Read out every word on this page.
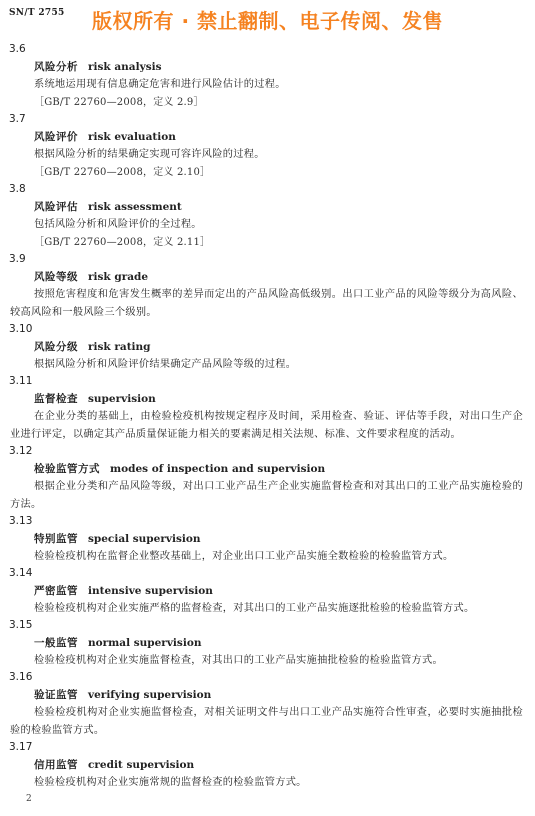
SN/T 2755 版权所有 · 禁止翻制、电子传阅、发售
3.6
风险分析 risk analysis
系统地运用现有信息确定危害和进行风险估计的过程。
［GB/T 22760—2008，定义 2.9］
3.7
风险评价 risk evaluation
根据风险分析的结果确定实现可容许风险的过程。
［GB/T 22760—2008，定义 2.10］
3.8
风险评估 risk assessment
包括风险分析和风险评价的全过程。
［GB/T 22760—2008，定义 2.11］
3.9
风险等级 risk grade
按照危害程度和危害发生概率的差异而定出的产品风险高低级别。出口工业产品的风险等级分为高风险、较高风险和一般风险三个级别。
3.10
风险分级 risk rating
根据风险分析和风险评价结果确定产品风险等级的过程。
3.11
监督检查 supervision
在企业分类的基础上，由检验检疫机构按规定程序及时间，采用检查、验证、评估等手段，对出口生产企业进行评定，以确定其产品质量保证能力相关的要素满足相关法规、标准、文件要求程度的活动。
3.12
检验监管方式 modes of inspection and supervision
根据企业分类和产品风险等级，对出口工业产品生产企业实施监督检查和对其出口的工业产品实施检验的方法。
3.13
特别监管 special supervision
检验检疫机构在监督企业整改基础上，对企业出口工业产品实施全数检验的检验监管方式。
3.14
严密监管 intensive supervision
检验检疫机构对企业实施严格的监督检查，对其出口的工业产品实施逐批检验的检验监管方式。
3.15
一般监管 normal supervision
检验检疫机构对企业实施监督检查，对其出口的工业产品实施抽批检验的检验监管方式。
3.16
验证监管 verifying supervision
检验检疫机构对企业实施监督检查，对相关证明文件与出口工业产品实施符合性审查，必要时实施抽批检验的检验监管方式。
3.17
信用监管 credit supervision
检验检疫机构对企业实施常规的监督检查的检验监管方式。
2
